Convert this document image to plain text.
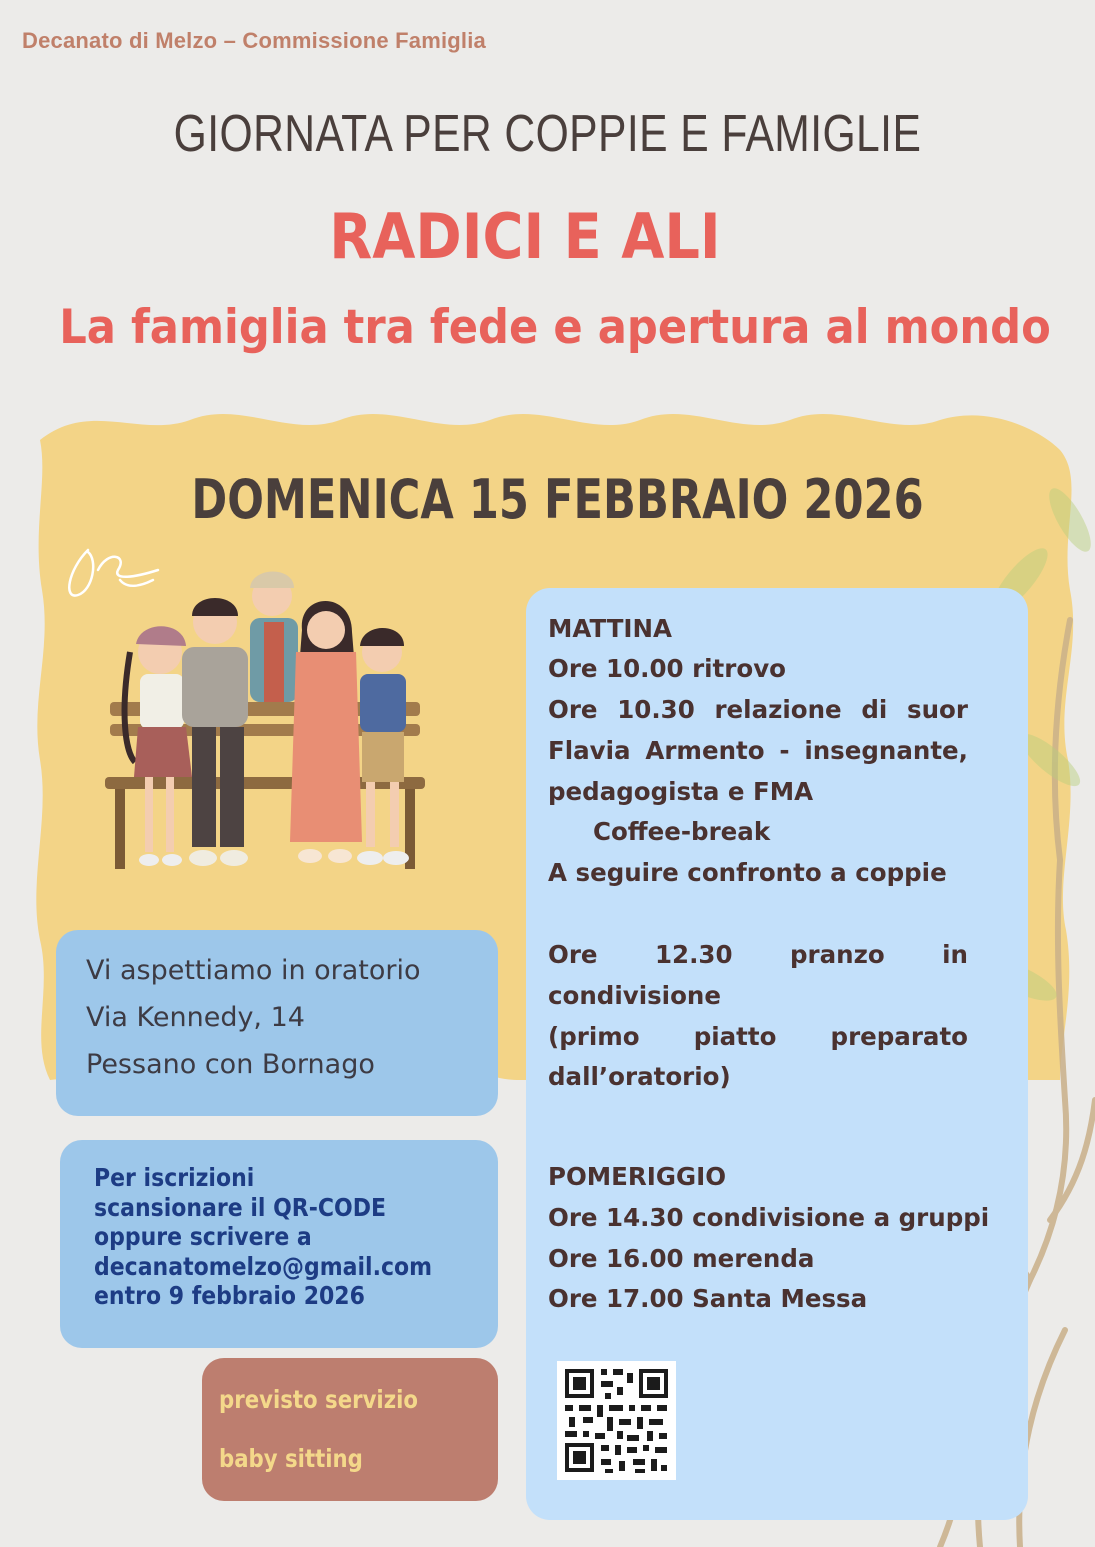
Decanato di Melzo – Commissione Famiglia
GIORNATA PER COPPIE E FAMIGLIE
RADICI E ALI
La famiglia tra fede e apertura al mondo
DOMENICA 15 FEBBRAIO 2026
Vi aspettiamo in oratorio
Via Kennedy, 14
Pessano con Bornago
Per iscrizioni
scansionare il QR-CODE
oppure scrivere a
decanatomelzo@gmail.com
entro 9 febbraio 2026
previsto servizio
baby sitting
MATTINA
Ore 10.00 ritrovo
Ore 10.30 relazione di suor
Flavia Armento - insegnante,
pedagogista e FMA
Coffee-break
A seguire confronto a coppie
Ore 12.30 pranzo in
condivisione
(primo piatto preparato
dall’oratorio)
POMERIGGIO
Ore 14.30 condivisione a gruppi
Ore 16.00 merenda
Ore 17.00 Santa Messa
